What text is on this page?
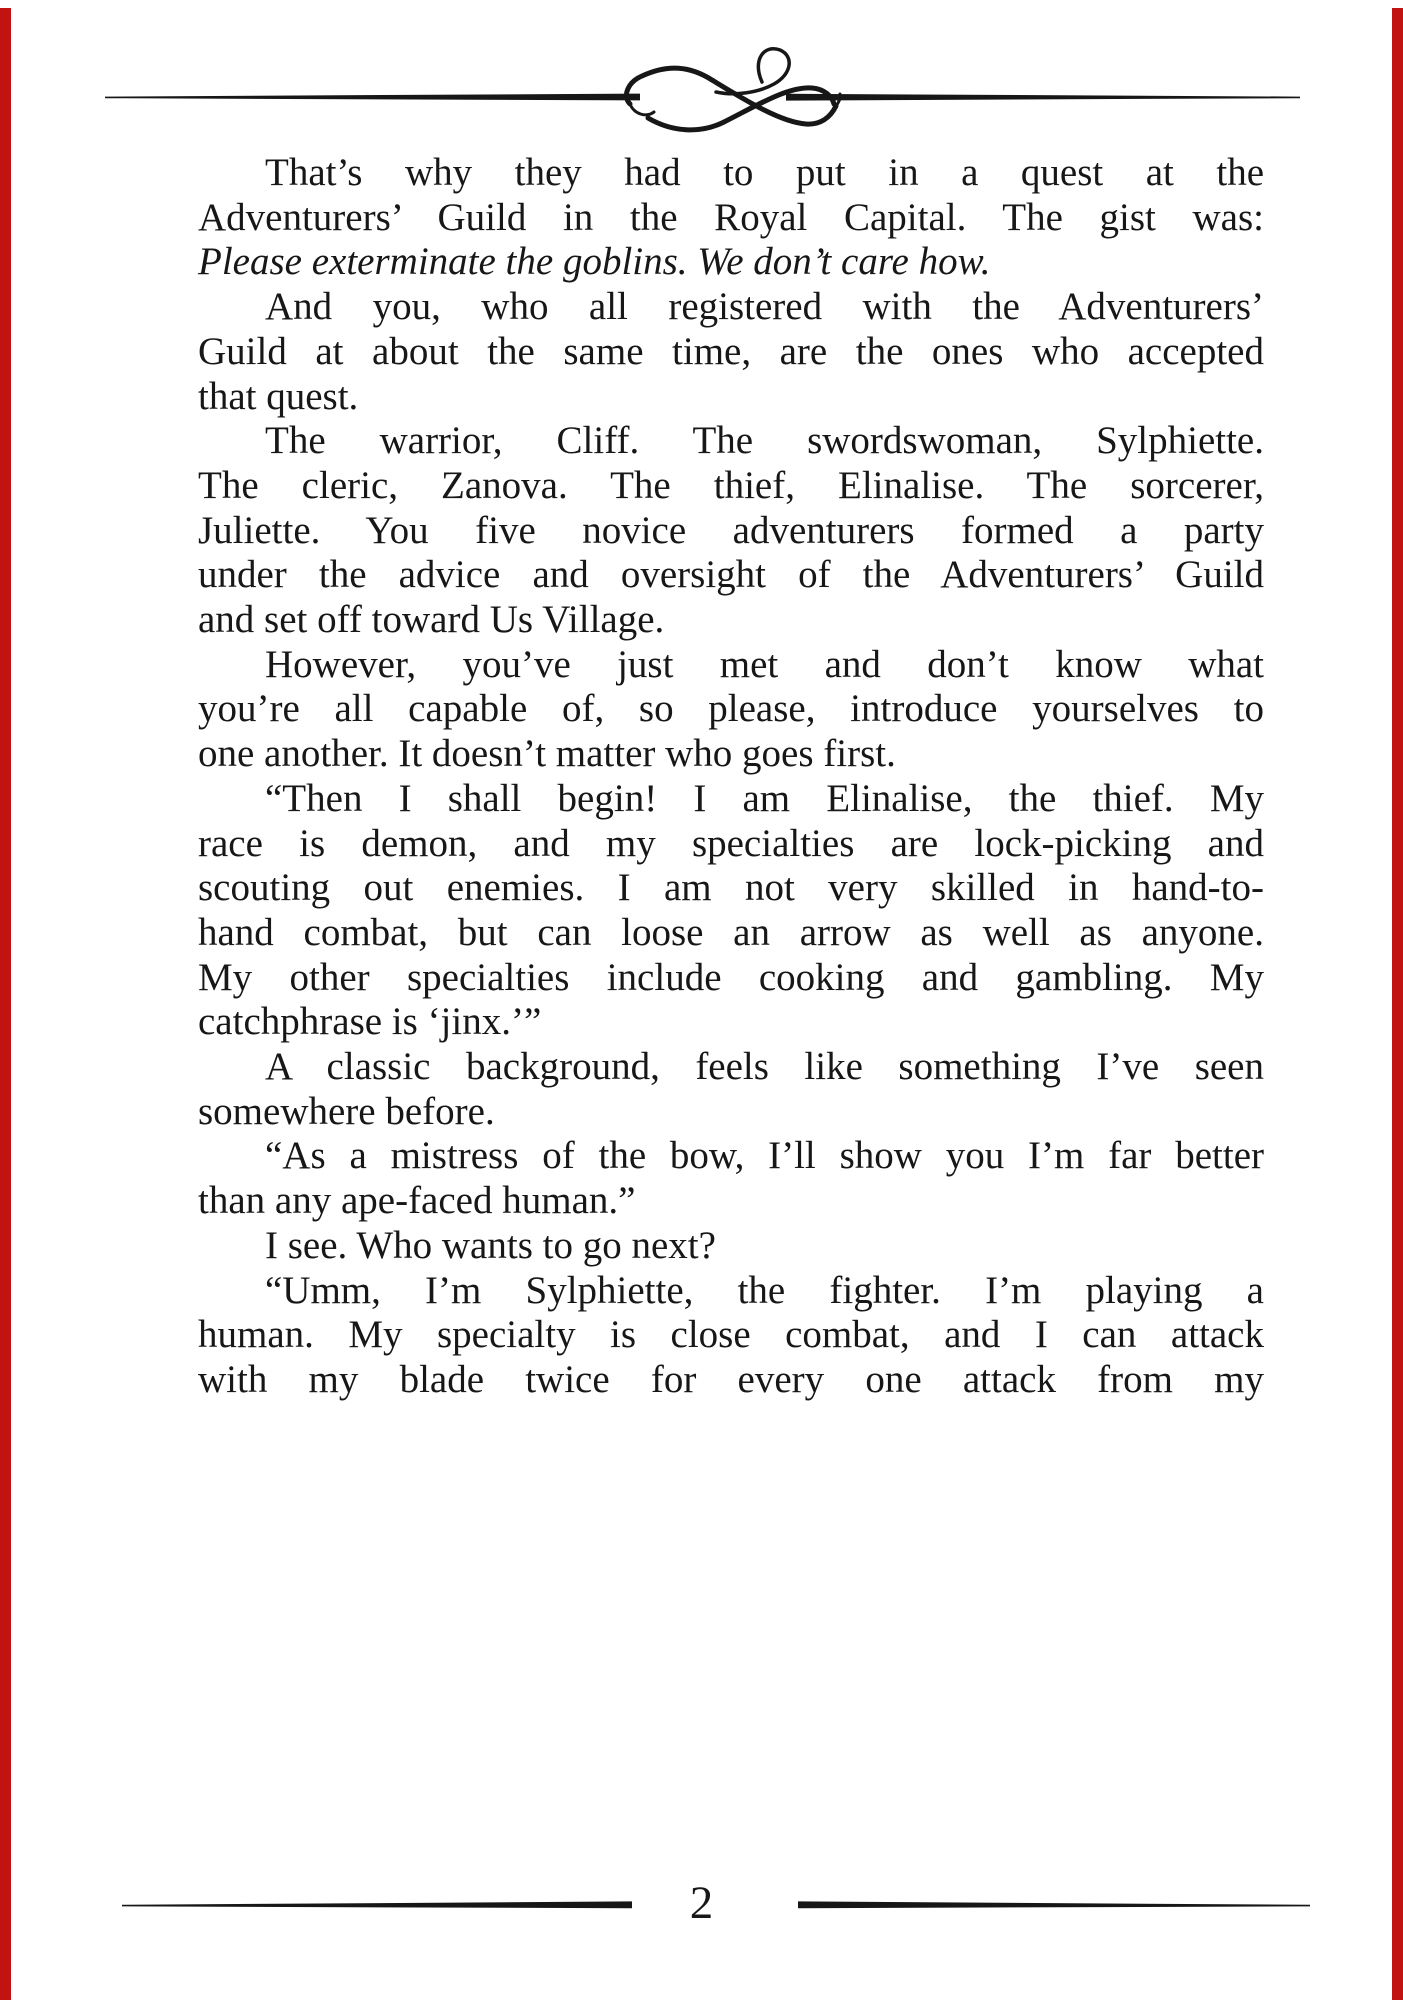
That’s why they had to put in a quest at the
Adventurers’ Guild in the Royal Capital. The gist was:
Please exterminate the goblins. We don’t care how.

And you, who all registered with the Adventurers’
Guild at about the same time, are the ones who accepted
that quest.

The warrior, Cliff. The swordswoman, Sylphiette.
The cleric, Zanova. The thief, Elinalise. The sorcerer,
Juliette. You five novice adventurers formed a party
under the advice and oversight of the Adventurers’ Guild
and set off toward Us Village.

However, you’ve just met and don’t know what
you’re all capable of, so please, introduce yourselves to
one another. It doesn’t matter who goes first.

“Then I shall begin! I am Elinalise, the thief. My
race is demon, and my specialties are lock-picking and
scouting out enemies. I am not very skilled in hand-to-
hand combat, but can loose an arrow as well as anyone.
My other specialties include cooking and gambling. My
catchphrase is ‘jinx.’”

A classic background, feels like something I’ve seen
somewhere before.

“As a mistress of the bow, I’ll show you I’m far better
than any ape-faced human.”

I see. Who wants to go next?

“Umm, I’m Sylphiette, the fighter. I’m playing a
human. My specialty is close combat, and I can attack
with my blade twice for every one attack from my

2
